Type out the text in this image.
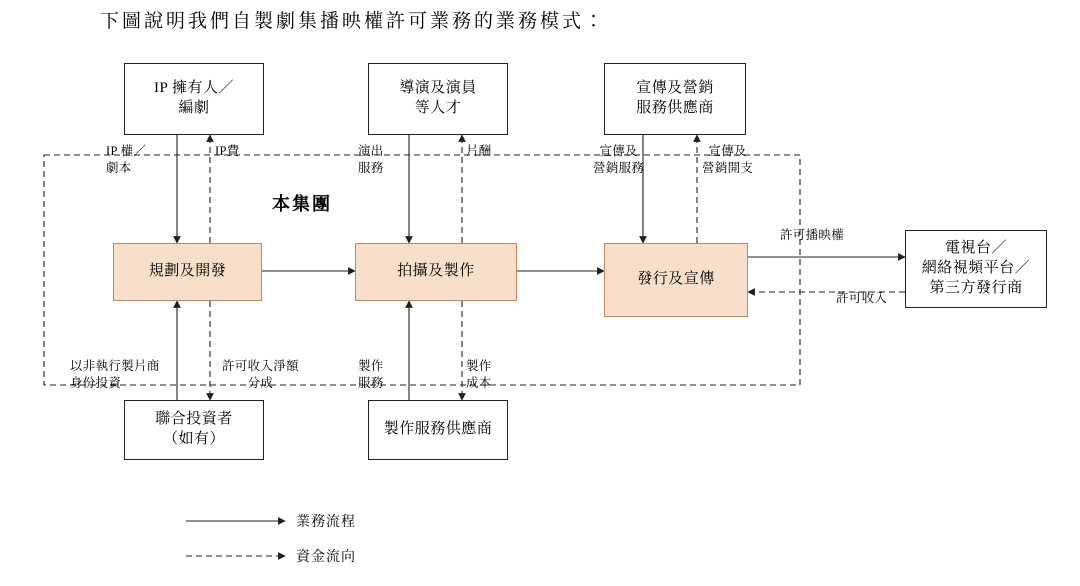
下圖說明我們自製劇集播映權許可業務的業務模式：
IP 擁有人／
編劇
導演及演員
等人才
宣傳及營銷
服務供應商
規劃及開發	拍攝及製作	發行及宣傳
電視台／
網絡視頻平台／
第三方發行商
聯合投資者
（如有）
製作服務供應商
本集團
IP 權／
劇本
IP費	演出
服務
片酬	宣傳及
營銷服務
宣傳及
營銷開支
許可播映權
許可收入
以非執行製片商
身份投資
許可收入淨額
分成
製作
服務
製作
成本
業務流程
資金流向
